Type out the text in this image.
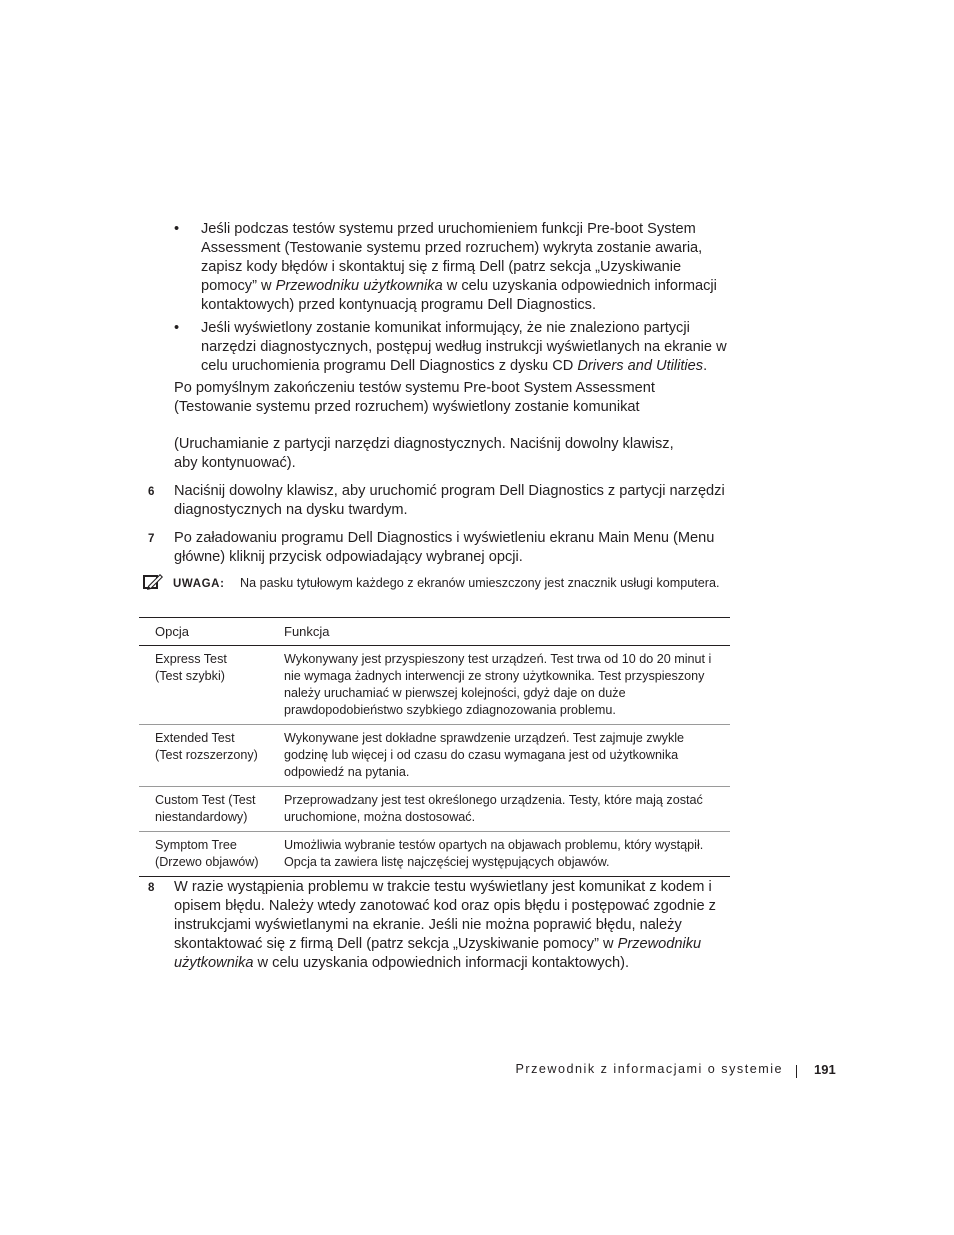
• Jeśli podczas testów systemu przed uruchomieniem funkcji Pre-boot System Assessment (Testowanie systemu przed rozruchem) wykryta zostanie awaria, zapisz kody błędów i skontaktuj się z firmą Dell (patrz sekcja „Uzyskiwanie pomocy” w Przewodniku użytkownika w celu uzyskania odpowiednich informacji kontaktowych) przed kontynuacją programu Dell Diagnostics.
• Jeśli wyświetlony zostanie komunikat informujący, że nie znaleziono partycji narzędzi diagnostycznych, postępuj według instrukcji wyświetlanych na ekranie w celu uruchomienia programu Dell Diagnostics z dysku CD Drivers and Utilities.

Po pomyślnym zakończeniu testów systemu Pre-boot System Assessment (Testowanie systemu przed rozruchem) wyświetlony zostanie komunikat

(Uruchamianie z partycji narzędzi diagnostycznych. Naciśnij dowolny klawisz, aby kontynuować).

6 Naciśnij dowolny klawisz, aby uruchomić program Dell Diagnostics z partycji narzędzi diagnostycznych na dysku twardym.
7 Po załadowaniu programu Dell Diagnostics i wyświetleniu ekranu Main Menu (Menu główne) kliknij przycisk odpowiadający wybranej opcji.
UWAGA: Na pasku tytułowym każdego z ekranów umieszczony jest znacznik usługi komputera.
Opcja	Funkcja
Express Test
(Test szybki)	Wykonywany jest przyspieszony test urządzeń. Test trwa od 10 do 20 minut i nie wymaga żadnych interwencji ze strony użytkownika. Test przyspieszony należy uruchamiać w pierwszej kolejności, gdyż daje on duże prawdopodobieństwo szybkiego zdiagnozowania problemu.
Extended Test
(Test rozszerzony)	Wykonywane jest dokładne sprawdzenie urządzeń. Test zajmuje zwykle godzinę lub więcej i od czasu do czasu wymagana jest od użytkownika odpowiedź na pytania.
Custom Test (Test
niestandardowy)	Przeprowadzany jest test określonego urządzenia. Testy, które mają zostać uruchomione, można dostosować.
Symptom Tree
(Drzewo objawów)	Umożliwia wybranie testów opartych na objawach problemu, który wystąpił. Opcja ta zawiera listę najczęściej występujących objawów.
8 W razie wystąpienia problemu w trakcie testu wyświetlany jest komunikat z kodem i opisem błędu. Należy wtedy zanotować kod oraz opis błędu i postępować zgodnie z instrukcjami wyświetlanymi na ekranie. Jeśli nie można poprawić błędu, należy skontaktować się z firmą Dell (patrz sekcja „Uzyskiwanie pomocy” w Przewodniku użytkownika w celu uzyskania odpowiednich informacji kontaktowych).
Przewodnik z informacjami o systemie 191
